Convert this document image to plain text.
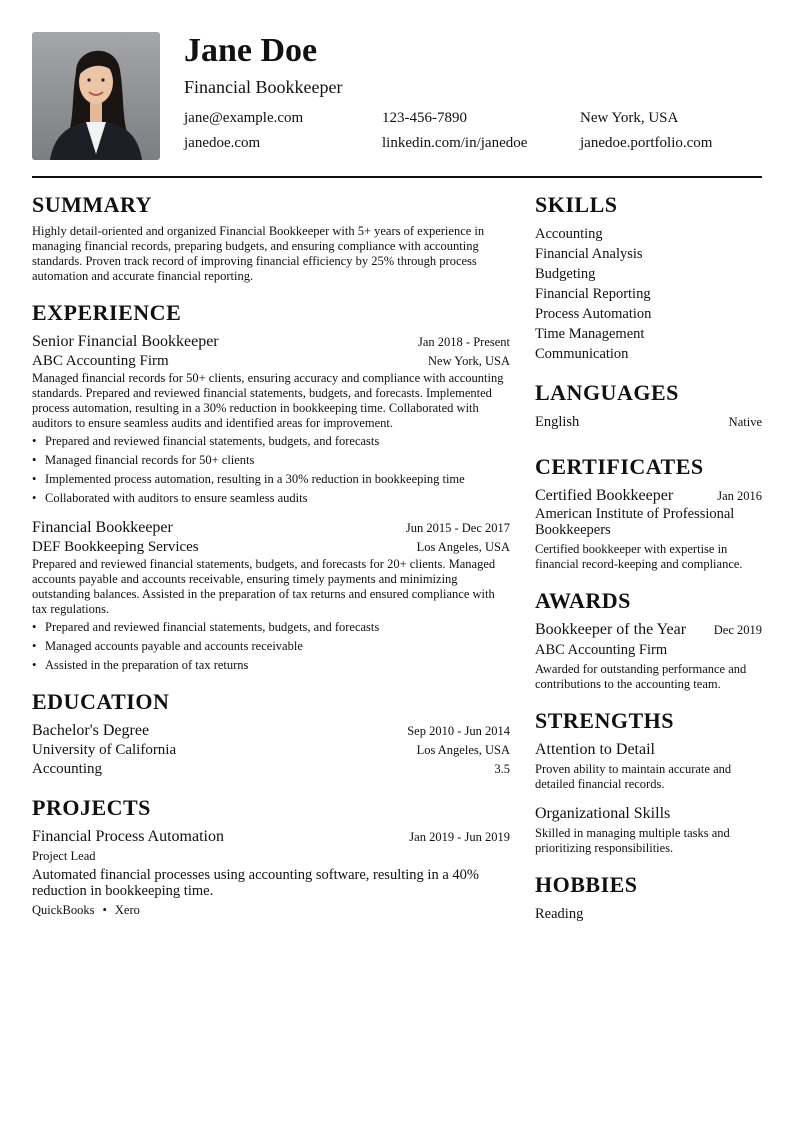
Jane Doe
Financial Bookkeeper
jane@example.com	123-456-7890	New York, USA
janedoe.com	linkedin.com/in/janedoe	janedoe.portfolio.com
SUMMARY
Highly detail-oriented and organized Financial Bookkeeper with 5+ years of experience in managing financial records, preparing budgets, and ensuring compliance with accounting standards. Proven track record of improving financial efficiency by 25% through process automation and accurate financial reporting.
EXPERIENCE
Senior Financial Bookkeeper	Jan 2018 - Present
ABC Accounting Firm	New York, USA
Managed financial records for 50+ clients, ensuring accuracy and compliance with accounting standards. Prepared and reviewed financial statements, budgets, and forecasts. Implemented process automation, resulting in a 30% reduction in bookkeeping time. Collaborated with auditors to ensure seamless audits and identified areas for improvement.
• Prepared and reviewed financial statements, budgets, and forecasts
• Managed financial records for 50+ clients
• Implemented process automation, resulting in a 30% reduction in bookkeeping time
• Collaborated with auditors to ensure seamless audits
Financial Bookkeeper	Jun 2015 - Dec 2017
DEF Bookkeeping Services	Los Angeles, USA
Prepared and reviewed financial statements, budgets, and forecasts for 20+ clients. Managed accounts payable and accounts receivable, ensuring timely payments and minimizing outstanding balances. Assisted in the preparation of tax returns and ensured compliance with tax regulations.
• Prepared and reviewed financial statements, budgets, and forecasts
• Managed accounts payable and accounts receivable
• Assisted in the preparation of tax returns
EDUCATION
Bachelor's Degree	Sep 2010 - Jun 2014
University of California	Los Angeles, USA
Accounting	3.5
PROJECTS
Financial Process Automation	Jan 2019 - Jun 2019
Project Lead
Automated financial processes using accounting software, resulting in a 40% reduction in bookkeeping time.
QuickBooks • Xero
SKILLS
Accounting
Financial Analysis
Budgeting
Financial Reporting
Process Automation
Time Management
Communication
LANGUAGES
English	Native
CERTIFICATES
Certified Bookkeeper	Jan 2016
American Institute of Professional Bookkeepers
Certified bookkeeper with expertise in financial record-keeping and compliance.
AWARDS
Bookkeeper of the Year Dec 2019
ABC Accounting Firm
Awarded for outstanding performance and contributions to the accounting team.
STRENGTHS
Attention to Detail
Proven ability to maintain accurate and detailed financial records.
Organizational Skills
Skilled in managing multiple tasks and prioritizing responsibilities.
HOBBIES
Reading
